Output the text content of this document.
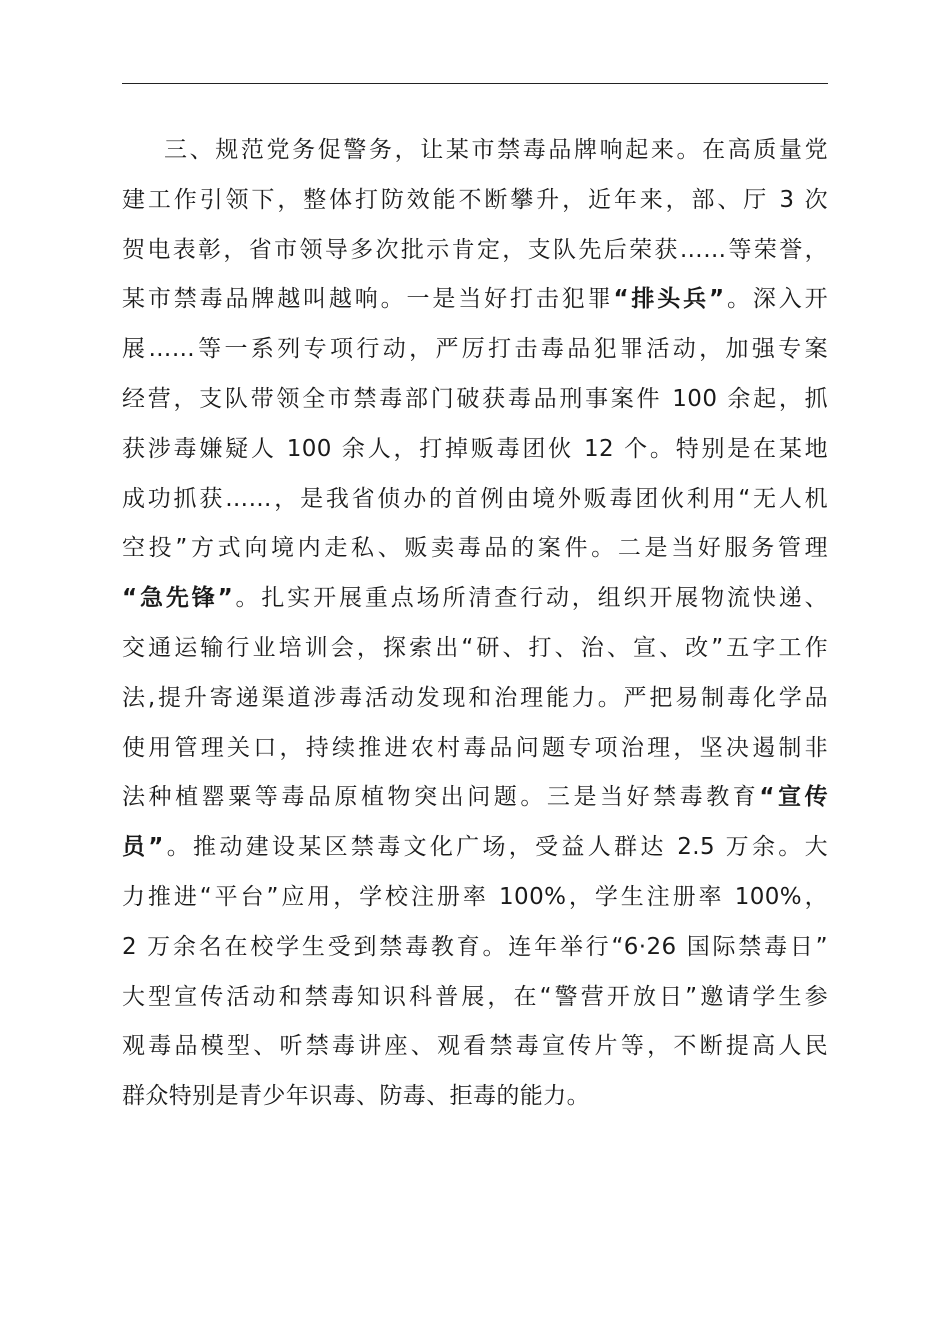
三、规范党务促警务，让某市禁毒品牌响起来。在高质量党
建工作引领下，整体打防效能不断攀升，近年来，部、厅 3 次
贺电表彰，省市领导多次批示肯定，支队先后荣获……等荣誉，
某市禁毒品牌越叫越响。一是当好打击犯罪“排头兵”。深入开
展……等一系列专项行动，严厉打击毒品犯罪活动，加强专案
经营，支队带领全市禁毒部门破获毒品刑事案件 100 余起，抓
获涉毒嫌疑人 100 余人，打掉贩毒团伙 12 个。特别是在某地
成功抓获……，是我省侦办的首例由境外贩毒团伙利用“无人机
空投”方式向境内走私、贩卖毒品的案件。二是当好服务管理
“急先锋”。扎实开展重点场所清查行动，组织开展物流快递、
交通运输行业培训会，探索出“研、打、治、宣、改”五字工作
法,提升寄递渠道涉毒活动发现和治理能力。严把易制毒化学品
使用管理关口，持续推进农村毒品问题专项治理，坚决遏制非
法种植罂粟等毒品原植物突出问题。三是当好禁毒教育“宣传
员”。推动建设某区禁毒文化广场，受益人群达 2.5 万余。大
力推进“平台”应用，学校注册率 100%，学生注册率 100%，
2 万余名在校学生受到禁毒教育。连年举行“6·26 国际禁毒日”
大型宣传活动和禁毒知识科普展，在“警营开放日”邀请学生参
观毒品模型、听禁毒讲座、观看禁毒宣传片等，不断提高人民
群众特别是青少年识毒、防毒、拒毒的能力。
